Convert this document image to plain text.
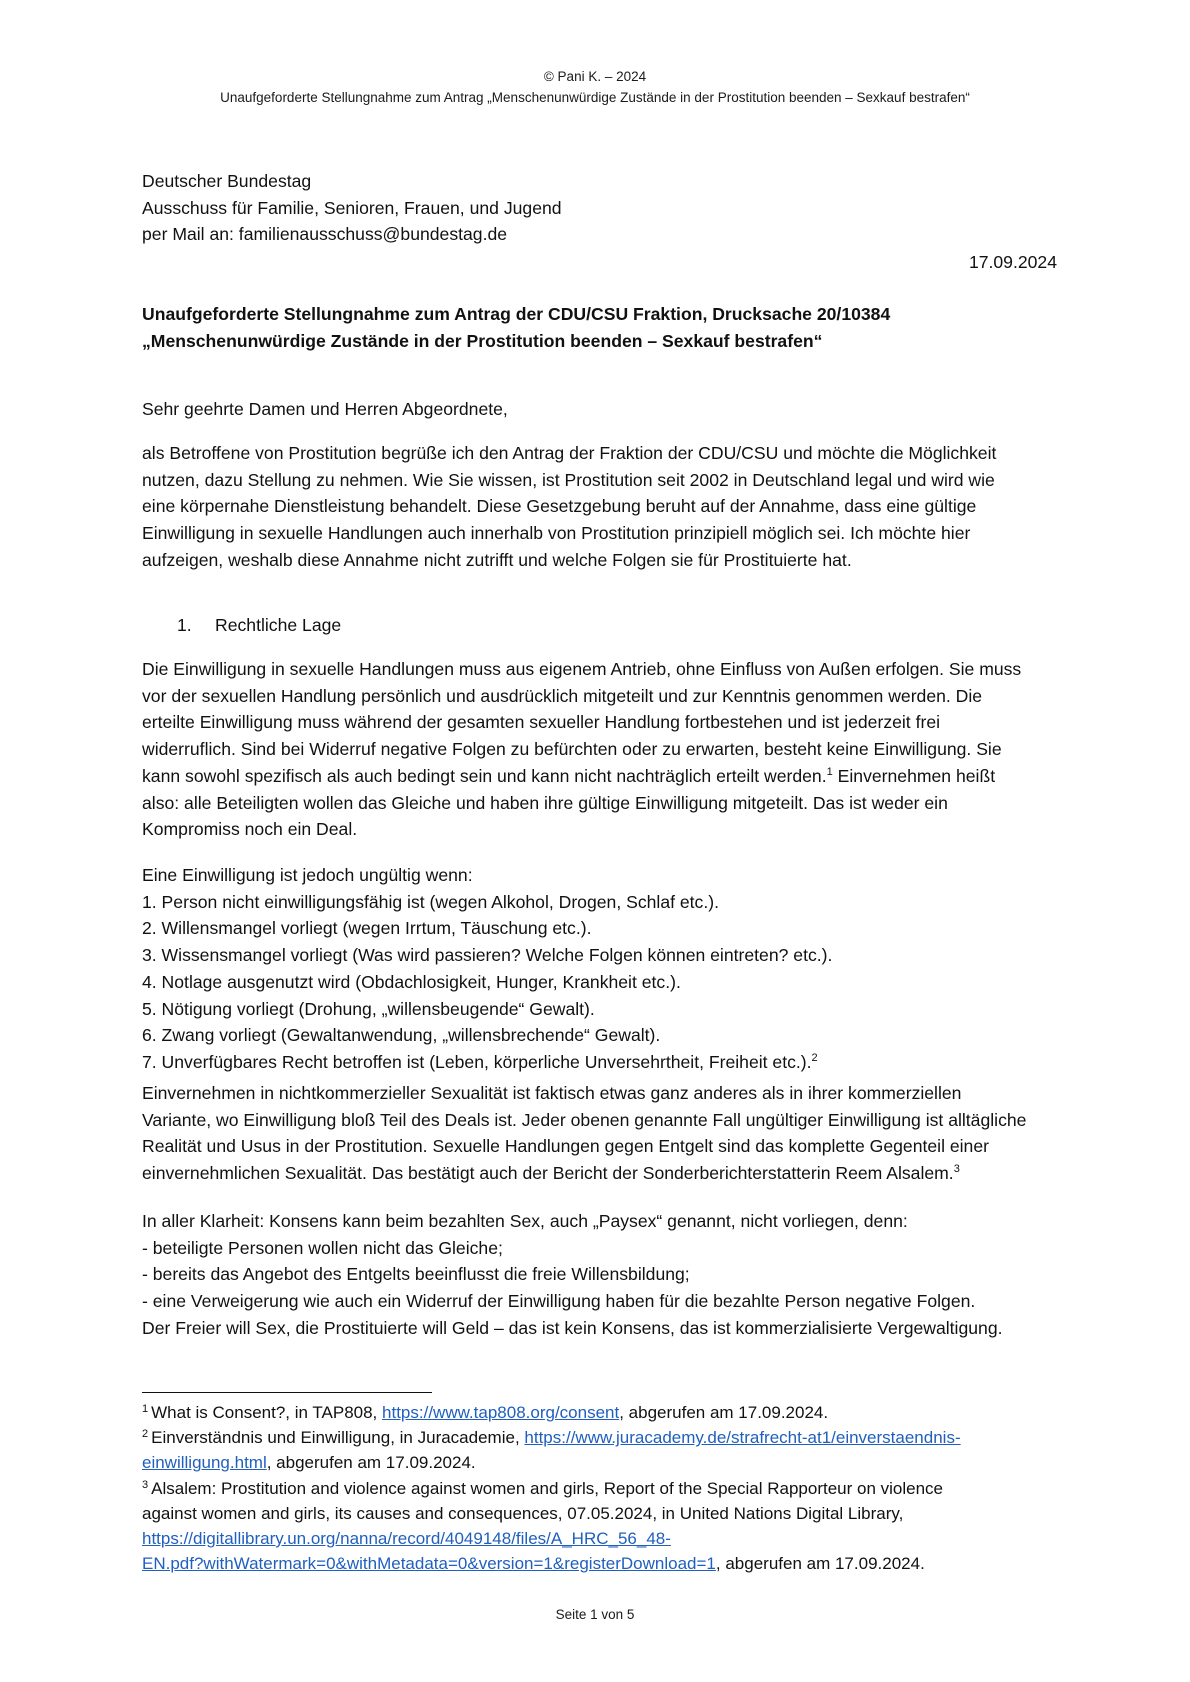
© Pani K. – 2024
Unaufgeforderte Stellungnahme zum Antrag „Menschenunwürdige Zustände in der Prostitution beenden – Sexkauf bestrafen“
Deutscher Bundestag
Ausschuss für Familie, Senioren, Frauen, und Jugend
per Mail an: familienausschuss@bundestag.de
17.09.2024
Unaufgeforderte Stellungnahme zum Antrag der CDU/CSU Fraktion, Drucksache 20/10384
„Menschenunwürdige Zustände in der Prostitution beenden – Sexkauf bestrafen“
Sehr geehrte Damen und Herren Abgeordnete,
als Betroffene von Prostitution begrüße ich den Antrag der Fraktion der CDU/CSU und möchte die Möglichkeit
nutzen, dazu Stellung zu nehmen. Wie Sie wissen, ist Prostitution seit 2002 in Deutschland legal und wird wie
eine körpernahe Dienstleistung behandelt. Diese Gesetzgebung beruht auf der Annahme, dass eine gültige
Einwilligung in sexuelle Handlungen auch innerhalb von Prostitution prinzipiell möglich sei. Ich möchte hier
aufzeigen, weshalb diese Annahme nicht zutrifft und welche Folgen sie für Prostituierte hat.
1. Rechtliche Lage
Die Einwilligung in sexuelle Handlungen muss aus eigenem Antrieb, ohne Einfluss von Außen erfolgen. Sie muss
vor der sexuellen Handlung persönlich und ausdrücklich mitgeteilt und zur Kenntnis genommen werden. Die
erteilte Einwilligung muss während der gesamten sexueller Handlung fortbestehen und ist jederzeit frei
widerruflich. Sind bei Widerruf negative Folgen zu befürchten oder zu erwarten, besteht keine Einwilligung. Sie
kann sowohl spezifisch als auch bedingt sein und kann nicht nachträglich erteilt werden.$^1$ Einvernehmen heißt
also: alle Beteiligten wollen das Gleiche und haben ihre gültige Einwilligung mitgeteilt. Das ist weder ein
Kompromiss noch ein Deal.
Eine Einwilligung ist jedoch ungültig wenn:
1. Person nicht einwilligungsfähig ist (wegen Alkohol, Drogen, Schlaf etc.).
2. Willensmangel vorliegt (wegen Irrtum, Täuschung etc.).
3. Wissensmangel vorliegt (Was wird passieren? Welche Folgen können eintreten? etc.).
4. Notlage ausgenutzt wird (Obdachlosigkeit, Hunger, Krankheit etc.).
5. Nötigung vorliegt (Drohung, „willensbeugende“ Gewalt).
6. Zwang vorliegt (Gewaltanwendung, „willensbrechende“ Gewalt).
7. Unverfügbares Recht betroffen ist (Leben, körperliche Unversehrtheit, Freiheit etc.).$^2$
Einvernehmen in nichtkommerzieller Sexualität ist faktisch etwas ganz anderes als in ihrer kommerziellen
Variante, wo Einwilligung bloß Teil des Deals ist. Jeder obenen genannte Fall ungültiger Einwilligung ist alltägliche
Realität und Usus in der Prostitution. Sexuelle Handlungen gegen Entgelt sind das komplette Gegenteil einer
einvernehmlichen Sexualität. Das bestätigt auch der Bericht der Sonderberichterstatterin Reem Alsalem.$^3$
In aller Klarheit: Konsens kann beim bezahlten Sex, auch „Paysex“ genannt, nicht vorliegen, denn:
- beteiligte Personen wollen nicht das Gleiche;
- bereits das Angebot des Entgelts beeinflusst die freie Willensbildung;
- eine Verweigerung wie auch ein Widerruf der Einwilligung haben für die bezahlte Person negative Folgen.
Der Freier will Sex, die Prostituierte will Geld – das ist kein Konsens, das ist kommerzialisierte Vergewaltigung.
$^1$ What is Consent?, in TAP808, https://www.tap808.org/consent, abgerufen am 17.09.2024.
$^2$ Einverständnis und Einwilligung, in Juracademie, https://www.juracademy.de/strafrecht-at1/einverstaendnis-
einwilligung.html, abgerufen am 17.09.2024.
$^3$ Alsalem: Prostitution and violence against women and girls, Report of the Special Rapporteur on violence
against women and girls, its causes and consequences, 07.05.2024, in United Nations Digital Library,
https://digitallibrary.un.org/nanna/record/4049148/files/A_HRC_56_48-
EN.pdf?withWatermark=0&withMetadata=0&version=1&registerDownload=1, abgerufen am 17.09.2024.
Seite 1 von 5
